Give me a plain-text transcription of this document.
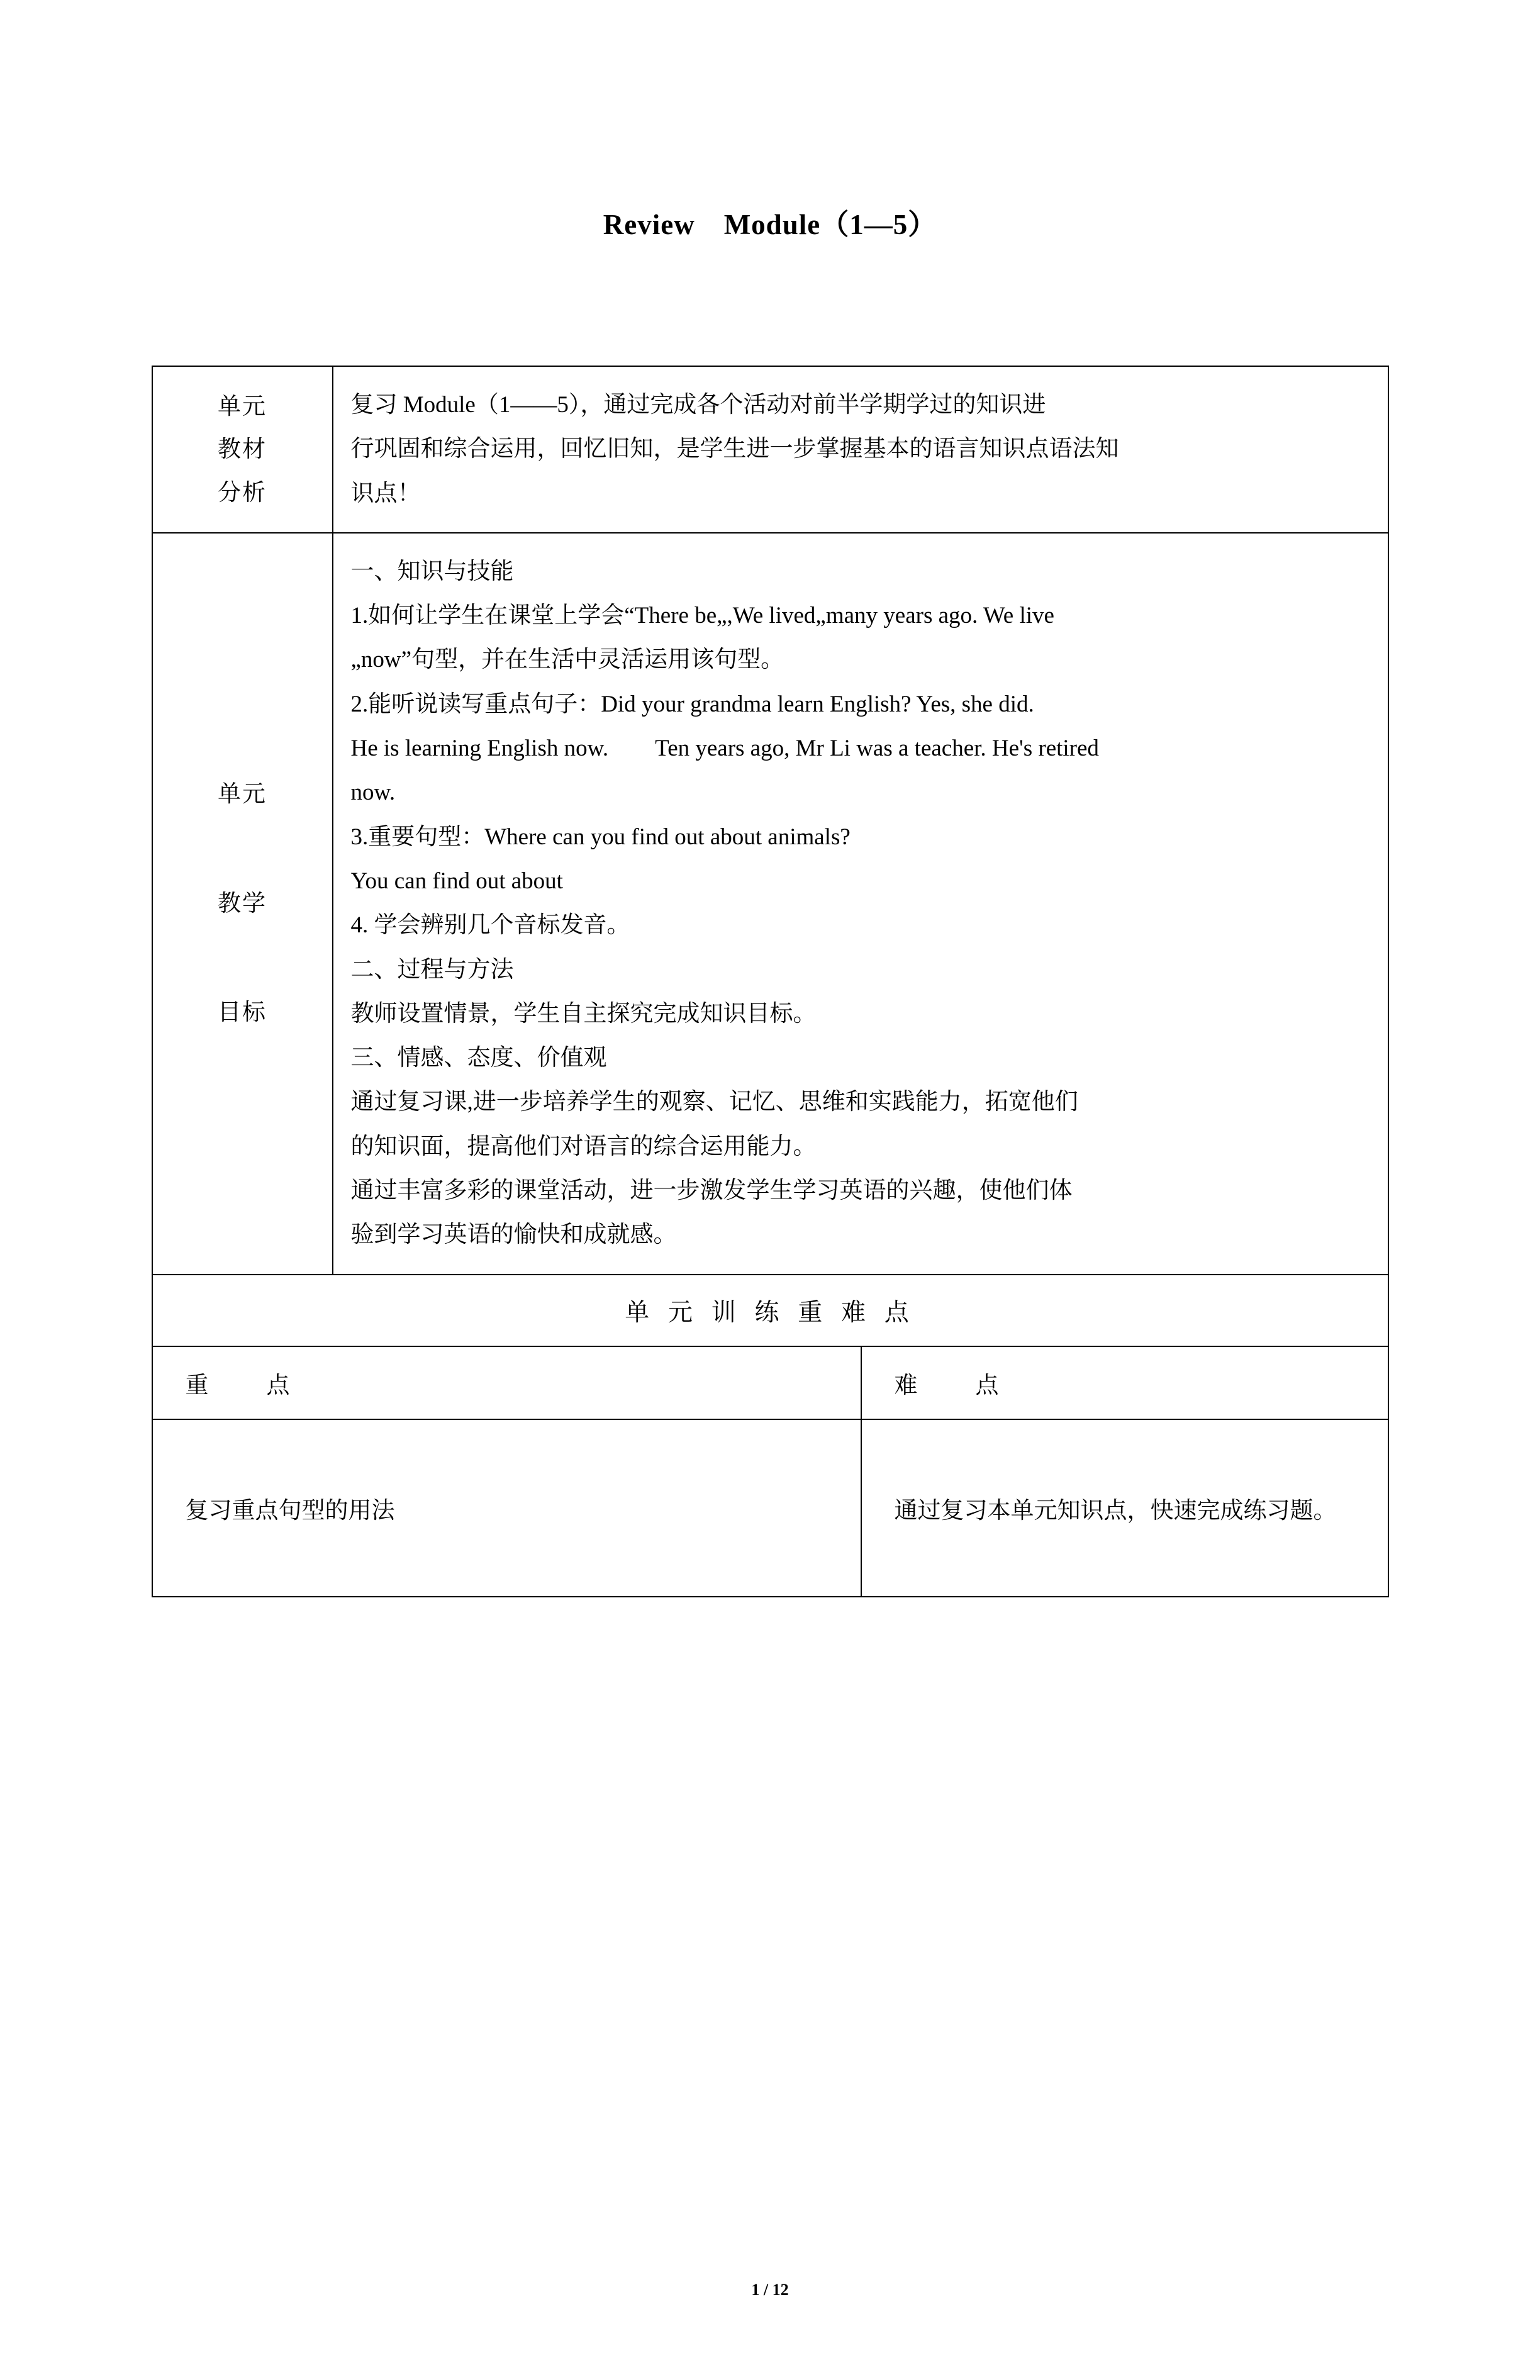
Review　Module（1—5）
单元
教材
分析

复习 Module（1——5），通过完成各个活动对前半学期学过的知识进

行巩固和综合运用，回忆旧知，是学生进一步掌握基本的语言知识点语法知

识点！

单元
教学
目标

一、知识与技能

1.如何让学生在课堂上学会“There be„,We lived„many years ago. We live

„now”句型，并在生活中灵活运用该句型。

2.能听说读写重点句子：Did your grandma learn English? Yes, she did.

He is learning English now.　　Ten years ago, Mr Li was a teacher. He's retired

now.

3.重要句型：Where can you find out about animals?

You can find out about

4. 学会辨别几个音标发音。

二、过程与方法

教师设置情景，学生自主探究完成知识目标。

三、情感、态度、价值观

通过复习课,进一步培养学生的观察、记忆、思维和实践能力，拓宽他们

的知识面，提高他们对语言的综合运用能力。

通过丰富多彩的课堂活动，进一步激发学生学习英语的兴趣，使他们体

验到学习英语的愉快和成就感。

单 元 训 练 重 难 点		
重　　点		难　　点
复习重点句型的用法		通过复习本单元知识点，快速完成练习题。
1 / 12
